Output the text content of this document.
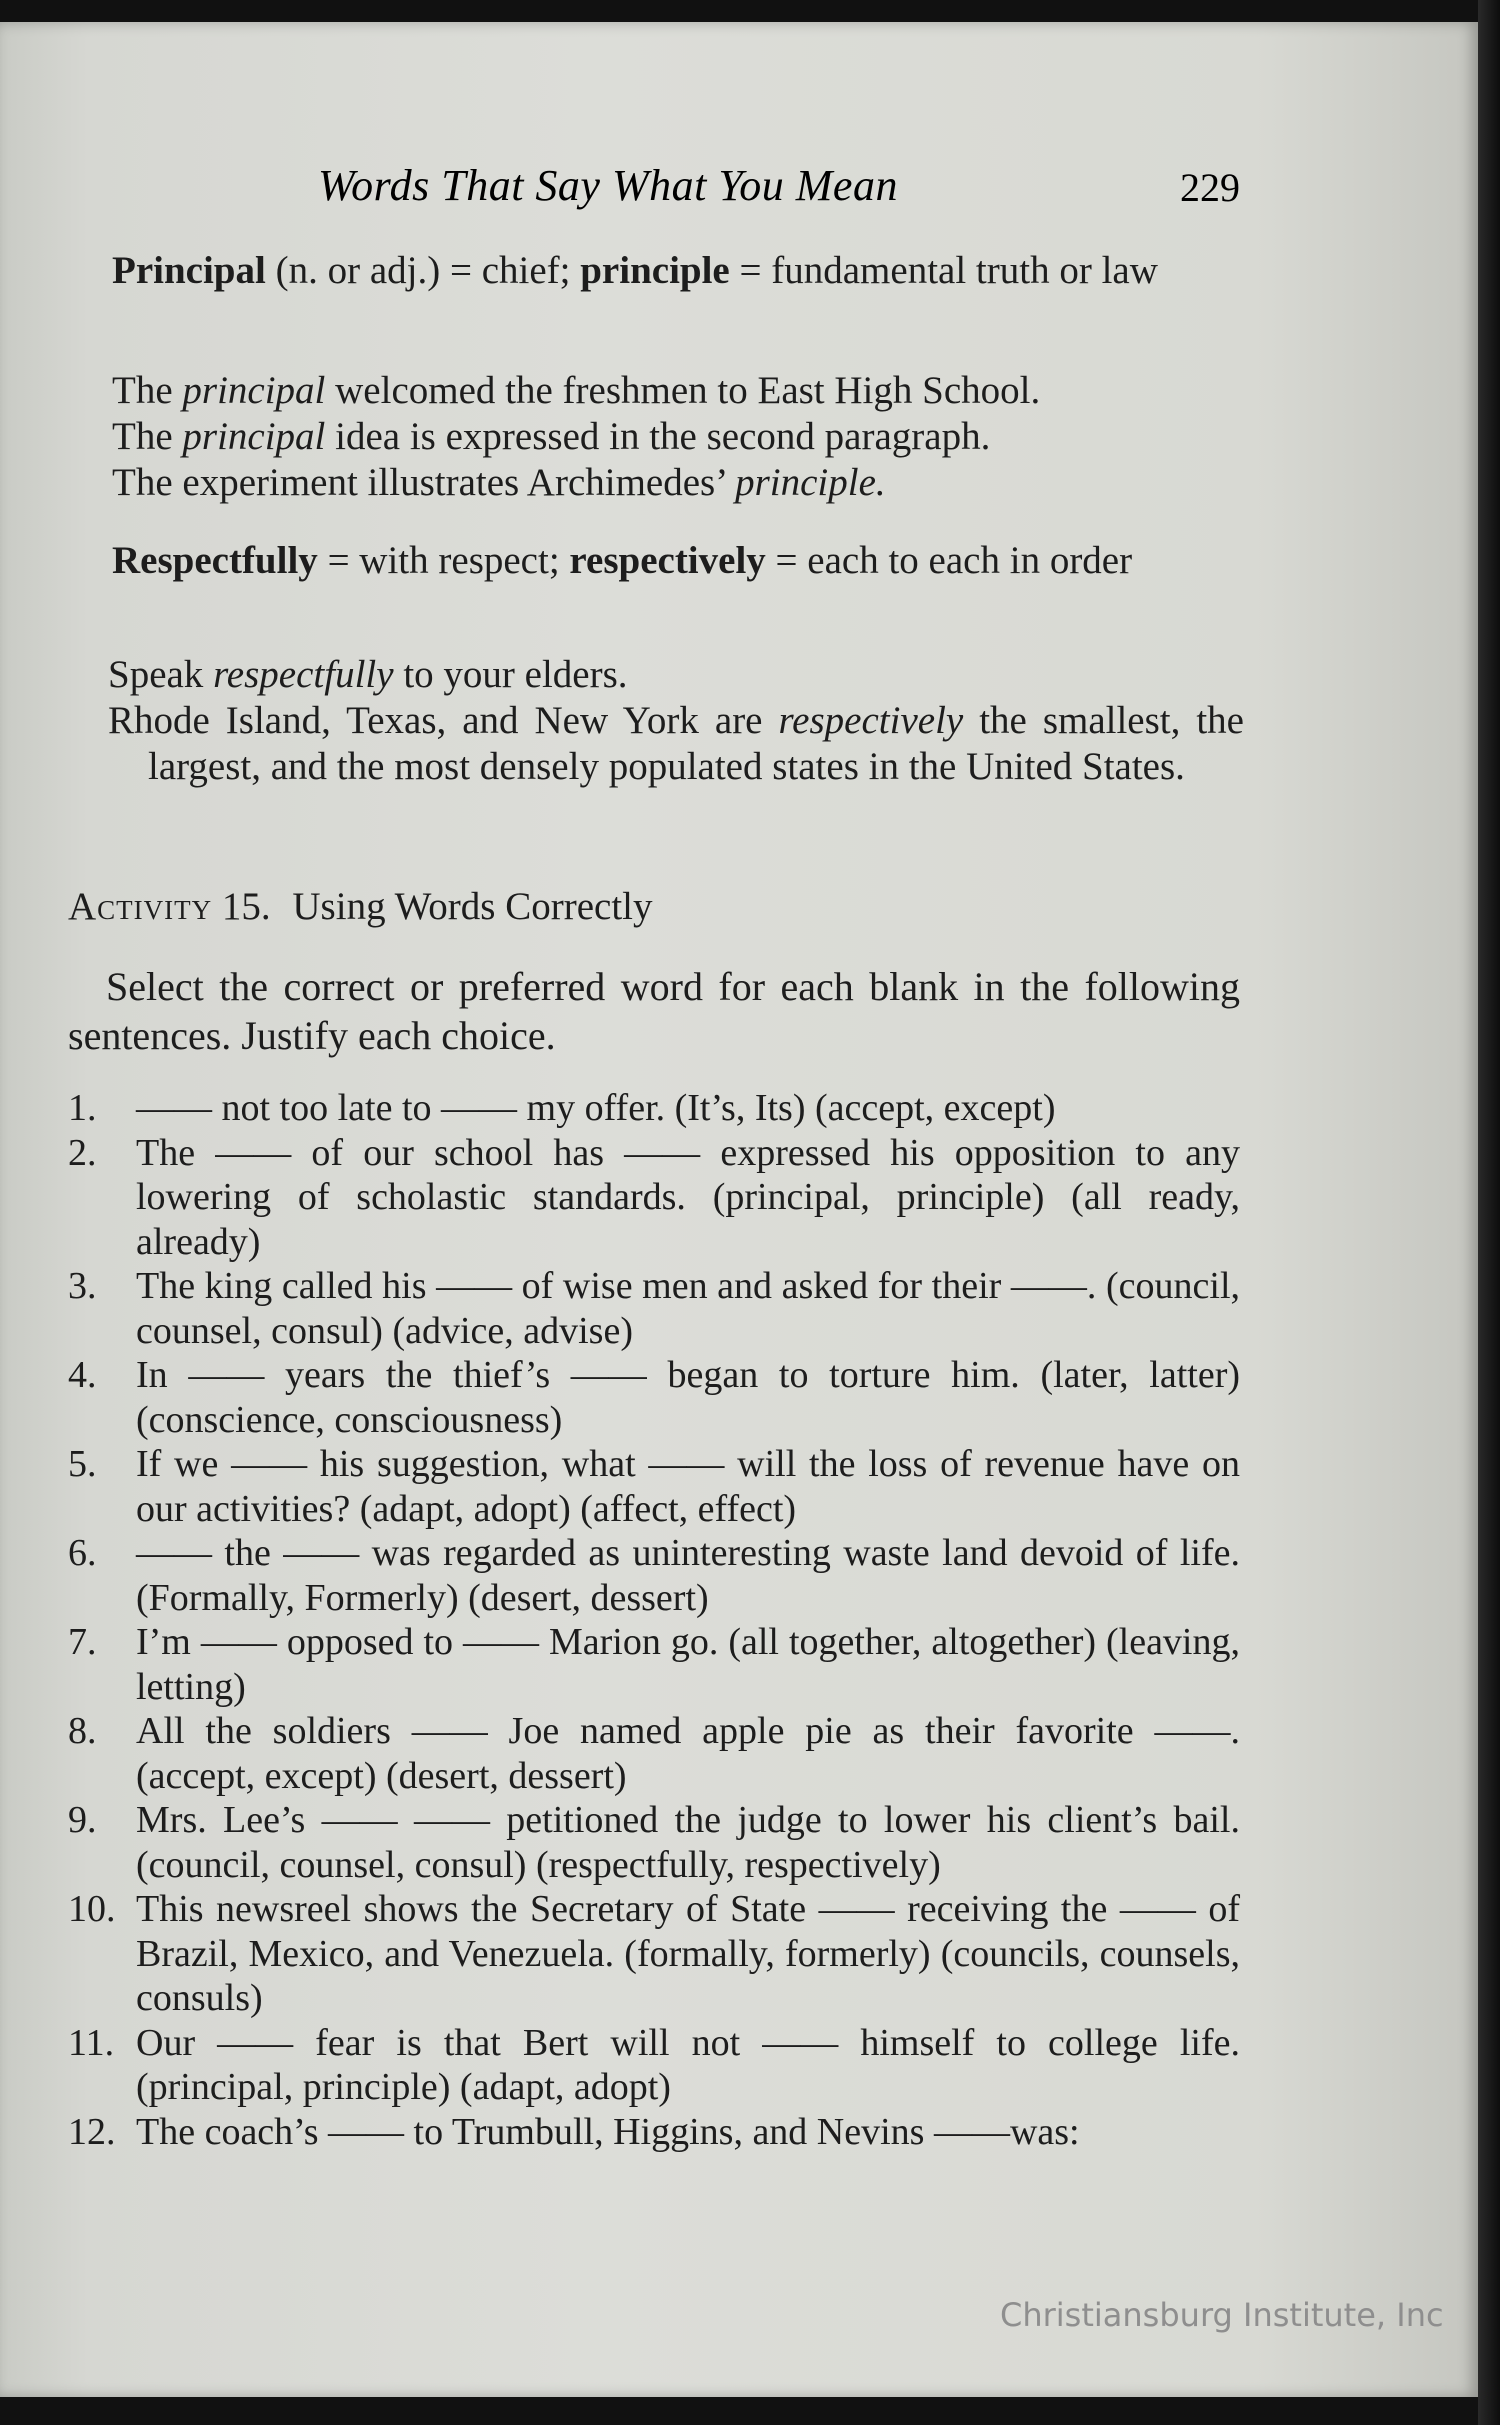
Words That Say What You Mean	229
Principal (n. or adj.) = chief; principle = fundamental truth or law
The principal welcomed the freshmen to East High School.
The principal idea is expressed in the second paragraph.
The experiment illustrates Archimedes’ principle.
Respectfully = with respect; respectively = each to each in order
Speak respectfully to your elders.
Rhode Island, Texas, and New York are respectively the smallest, the largest, and the most densely populated states in the United States.
Activity 15. Using Words Correctly
Select the correct or preferred word for each blank in the following sentences. Justify each choice.
1.	—— not too late to —— my offer. (It’s, Its) (accept, except)
2.	The —— of our school has —— expressed his opposition to any lowering of scholastic standards. (principal, principle) (all ready, already)
3.	The king called his —— of wise men and asked for their ——. (council, counsel, consul) (advice, advise)
4.	In —— years the thief’s —— began to torture him. (later, latter) (conscience, consciousness)
5.	If we —— his suggestion, what —— will the loss of revenue have on our activities? (adapt, adopt) (affect, effect)
6.	—— the —— was regarded as uninteresting waste land devoid of life. (Formally, Formerly) (desert, dessert)
7.	I’m —— opposed to —— Marion go. (all together, altogether) (leaving, letting)
8.	All the soldiers —— Joe named apple pie as their favorite ——. (accept, except) (desert, dessert)
9.	Mrs. Lee’s —— —— petitioned the judge to lower his client’s bail. (council, counsel, consul) (respectfully, respectively)
10. This newsreel shows the Secretary of State —— receiving the —— of Brazil, Mexico, and Venezuela. (formally, formerly) (councils, counsels, consuls)
11. Our —— fear is that Bert will not —— himself to college life. (principal, principle) (adapt, adopt)
12. The coach’s —— to Trumbull, Higgins, and Nevins ——was:
Christiansburg Institute, Inc
